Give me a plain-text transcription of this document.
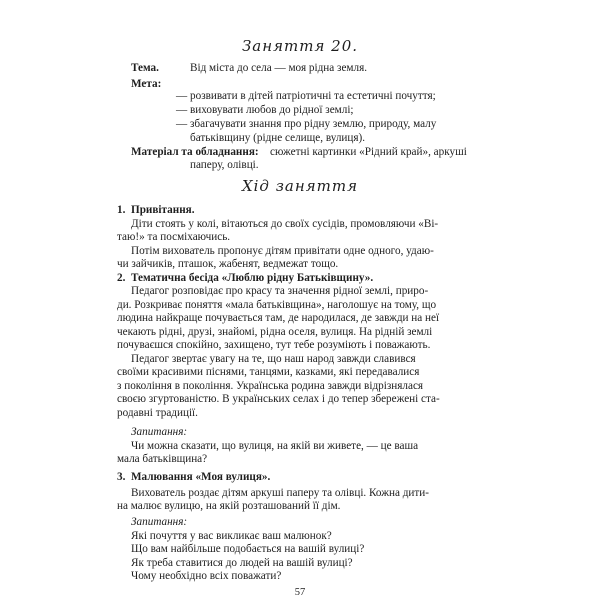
Заняття 20.
Тема.	Від міста до села — моя рідна земля.
Мета:
— розвивати в дітей патріотичні та естетичні почуття;
— виховувати любов до рідної землі;
— збагачувати знання про рідну землю, природу, малу
батьківщину (рідне селище, вулиця).
Матеріал та обладнання: сюжетні картинки «Рідний край», аркуші
паперу, олівці.
Хід заняття
1. Привітання.
Діти стоять у колі, вітаються до своїх сусідів, промовляючи «Ві-
таю!» та посміхаючись.
Потім вихователь пропонує дітям привітати одне одного, удаю-
чи зайчиків, пташок, жабенят, ведмежат тощо.
2. Тематична бесіда «Люблю рідну Батьківщину».
Педагог розповідає про красу та значення рідної землі, приро-
ди. Розкриває поняття «мала батьківщина», наголошує на тому, що
людина найкраще почувається там, де народилася, де завжди на неї
чекають рідні, друзі, знайомі, рідна оселя, вулиця. На рідній землі
почуваєшся спокійно, захищено, тут тебе розуміють і поважають.
Педагог звертає увагу на те, що наш народ завжди славився
своїми красивими піснями, танцями, казками, які передавалися
з покоління в покоління. Українська родина завжди відрізнялася
своєю згуртованістю. В українських селах і до тепер збережені ста-
родавні традиції.
Запитання:
Чи можна сказати, що вулиця, на якій ви живете, — це ваша
мала батьківщина?
3. Малювання «Моя вулиця».
Вихователь роздає дітям аркуші паперу та олівці. Кожна дити-
на малює вулицю, на якій розташований її дім.
Запитання:
Які почуття у вас викликає ваш малюнок?
Що вам найбільше подобається на вашій вулиці?
Як треба ставитися до людей на вашій вулиці?
Чому необхідно всіх поважати?
57
